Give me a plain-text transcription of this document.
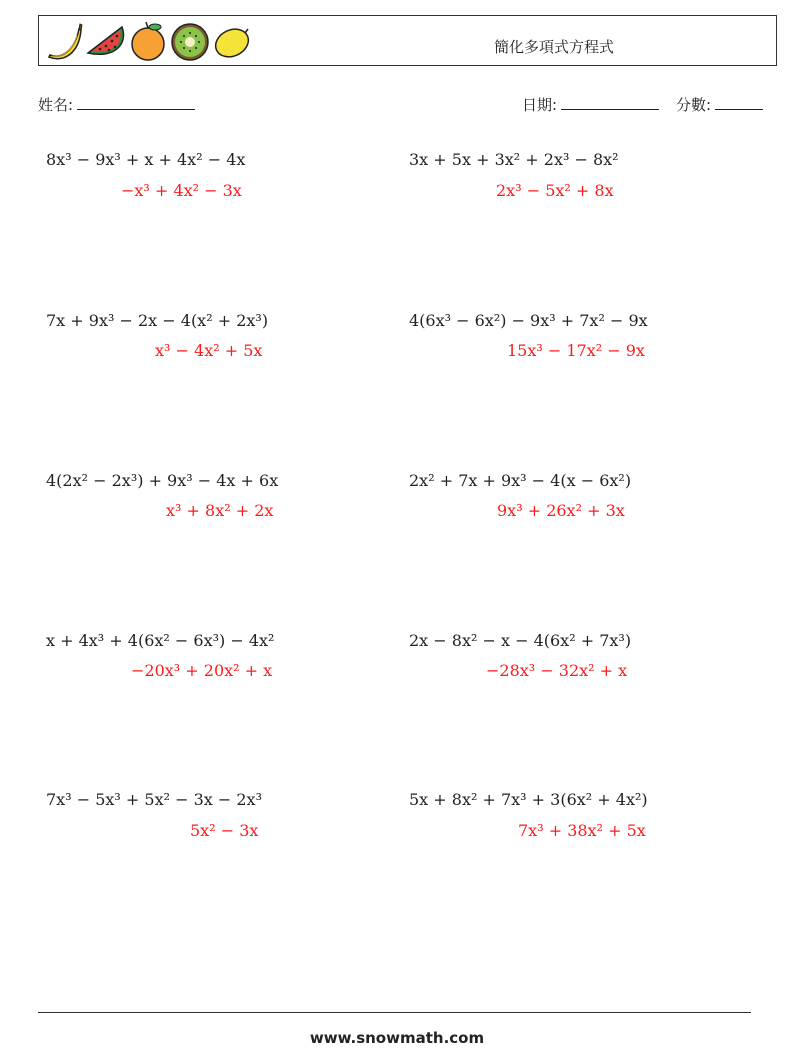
簡化多項式方程式
姓名:	日期:	分數:
8x³ − 9x³ + x + 4x² − 4x
−x³ + 4x² − 3x
3x + 5x + 3x² + 2x³ − 8x²
2x³ − 5x² + 8x
7x + 9x³ − 2x − 4(x² + 2x³)
x³ − 4x² + 5x
4(6x³ − 6x²) − 9x³ + 7x² − 9x
15x³ − 17x² − 9x
4(2x² − 2x³) + 9x³ − 4x + 6x
x³ + 8x² + 2x
2x² + 7x + 9x³ − 4(x − 6x²)
9x³ + 26x² + 3x
x + 4x³ + 4(6x² − 6x³) − 4x²
−20x³ + 20x² + x
2x − 8x² − x − 4(6x² + 7x³)
−28x³ − 32x² + x
7x³ − 5x³ + 5x² − 3x − 2x³
5x² − 3x
5x + 8x² + 7x³ + 3(6x² + 4x²)
7x³ + 38x² + 5x
www.snowmath.com
